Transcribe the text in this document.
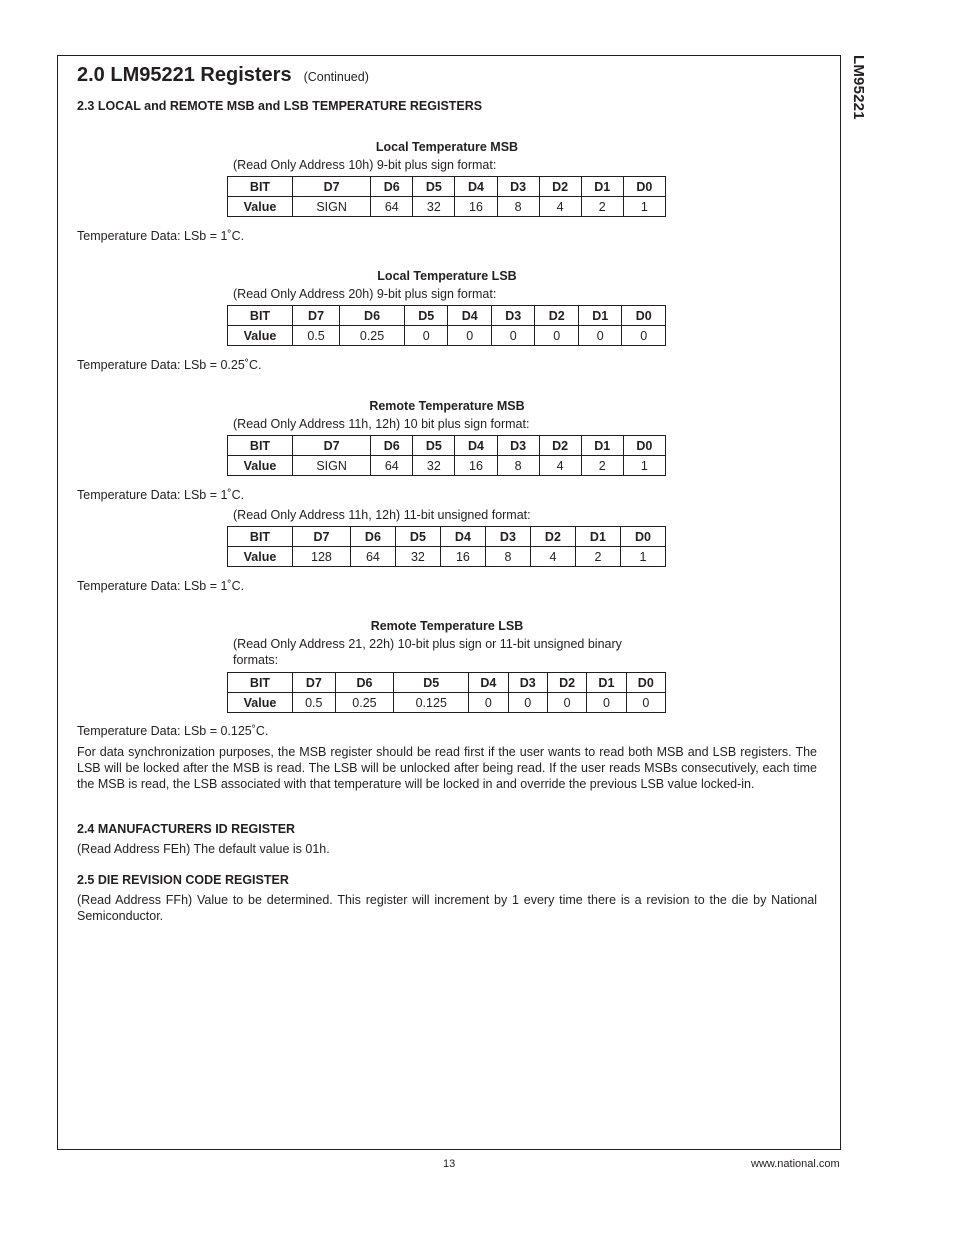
LM95221
2.0 LM95221 Registers (Continued)
2.3 LOCAL and REMOTE MSB and LSB TEMPERATURE REGISTERS
Local Temperature MSB
(Read Only Address 10h) 9-bit plus sign format:
BIT	D7	D6	D5	D4	D3	D2	D1	D0
Value	SIGN	64	32	16	8	4	2	1
Temperature Data: LSb = 1˚C.
Local Temperature LSB
(Read Only Address 20h) 9-bit plus sign format:
BIT	D7	D6	D5	D4	D3	D2	D1	D0
Value	0.5	0.25	0	0	0	0	0	0
Temperature Data: LSb = 0.25˚C.
Remote Temperature MSB
(Read Only Address 11h, 12h) 10 bit plus sign format:
BIT	D7	D6	D5	D4	D3	D2	D1	D0
Value	SIGN	64	32	16	8	4	2	1
Temperature Data: LSb = 1˚C.
(Read Only Address 11h, 12h) 11-bit unsigned format:
BIT	D7	D6	D5	D4	D3	D2	D1	D0
Value	128	64	32	16	8	4	2	1
Temperature Data: LSb = 1˚C.
Remote Temperature LSB
(Read Only Address 21, 22h) 10-bit plus sign or 11-bit unsigned binary formats:
BIT	D7	D6	D5	D4	D3	D2	D1	D0
Value	0.5	0.25	0.125	0	0	0	0	0
Temperature Data: LSb = 0.125˚C.
For data synchronization purposes, the MSB register should be read first if the user wants to read both MSB and LSB registers. The LSB will be locked after the MSB is read. The LSB will be unlocked after being read. If the user reads MSBs consecutively, each time the MSB is read, the LSB associated with that temperature will be locked in and override the previous LSB value locked-in.
2.4 MANUFACTURERS ID REGISTER
(Read Address FEh) The default value is 01h.
2.5 DIE REVISION CODE REGISTER
(Read Address FFh) Value to be determined. This register will increment by 1 every time there is a revision to the die by National Semiconductor.
13	www.national.com
